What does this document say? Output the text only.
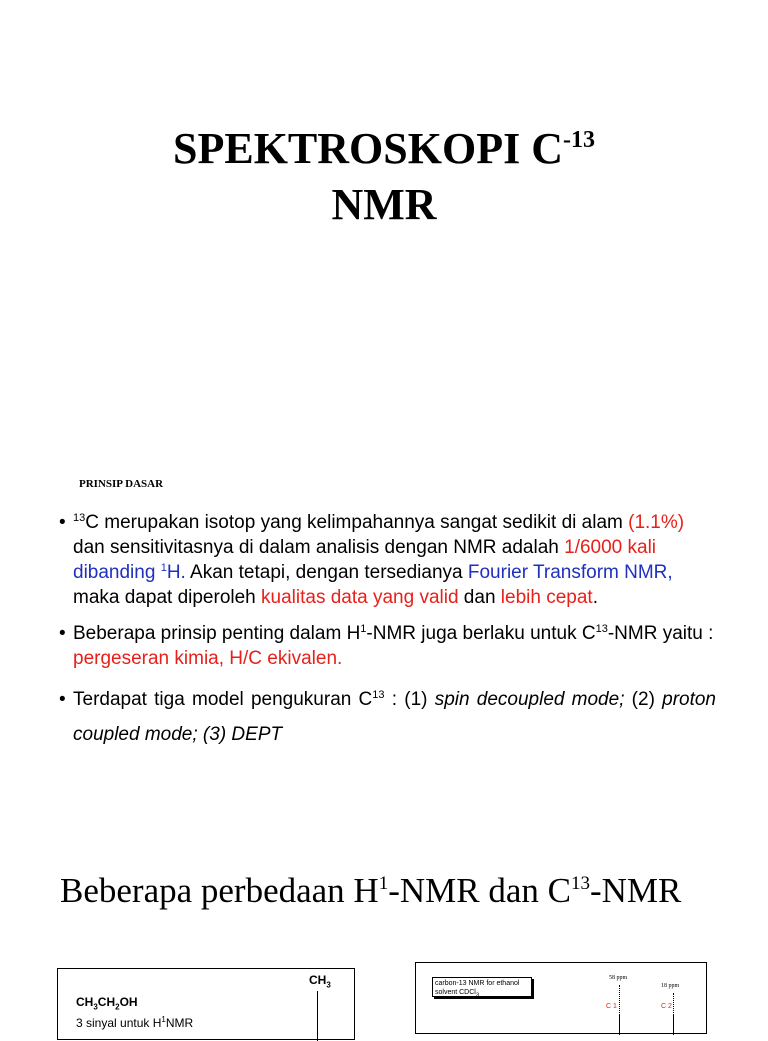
SPEKTROSKOPI $C^{-13}$
NMR
PRINSIP DASAR
• $^{13}$C merupakan isotop yang kelimpahannya sangat sedikit di alam (1.1%) dan sensitivitasnya di dalam analisis dengan NMR adalah 1/6000 kali dibanding $^1$H. Akan tetapi, dengan tersedianya Fourier Transform NMR, maka dapat diperoleh kualitas data yang valid dan lebih cepat.
• Beberapa prinsip penting dalam $H^1$-NMR juga berlaku untuk $C^{13}$-NMR yaitu : pergeseran kimia, H/C ekivalen.
• Terdapat tiga model pengukuran $C^{13}$ : (1) spin decoupled mode; (2) proton coupled mode; (3) DEPT
Beberapa perbedaan $H^1$-NMR dan $C^{13}$-NMR
$CH_3$
$CH_3CH_2OH$
3 sinyal untuk $H^1NMR$
carbon-13 NMR for ethanol
solvent CDCl$_3$
58 ppm
18 ppm
C 1	C 2
